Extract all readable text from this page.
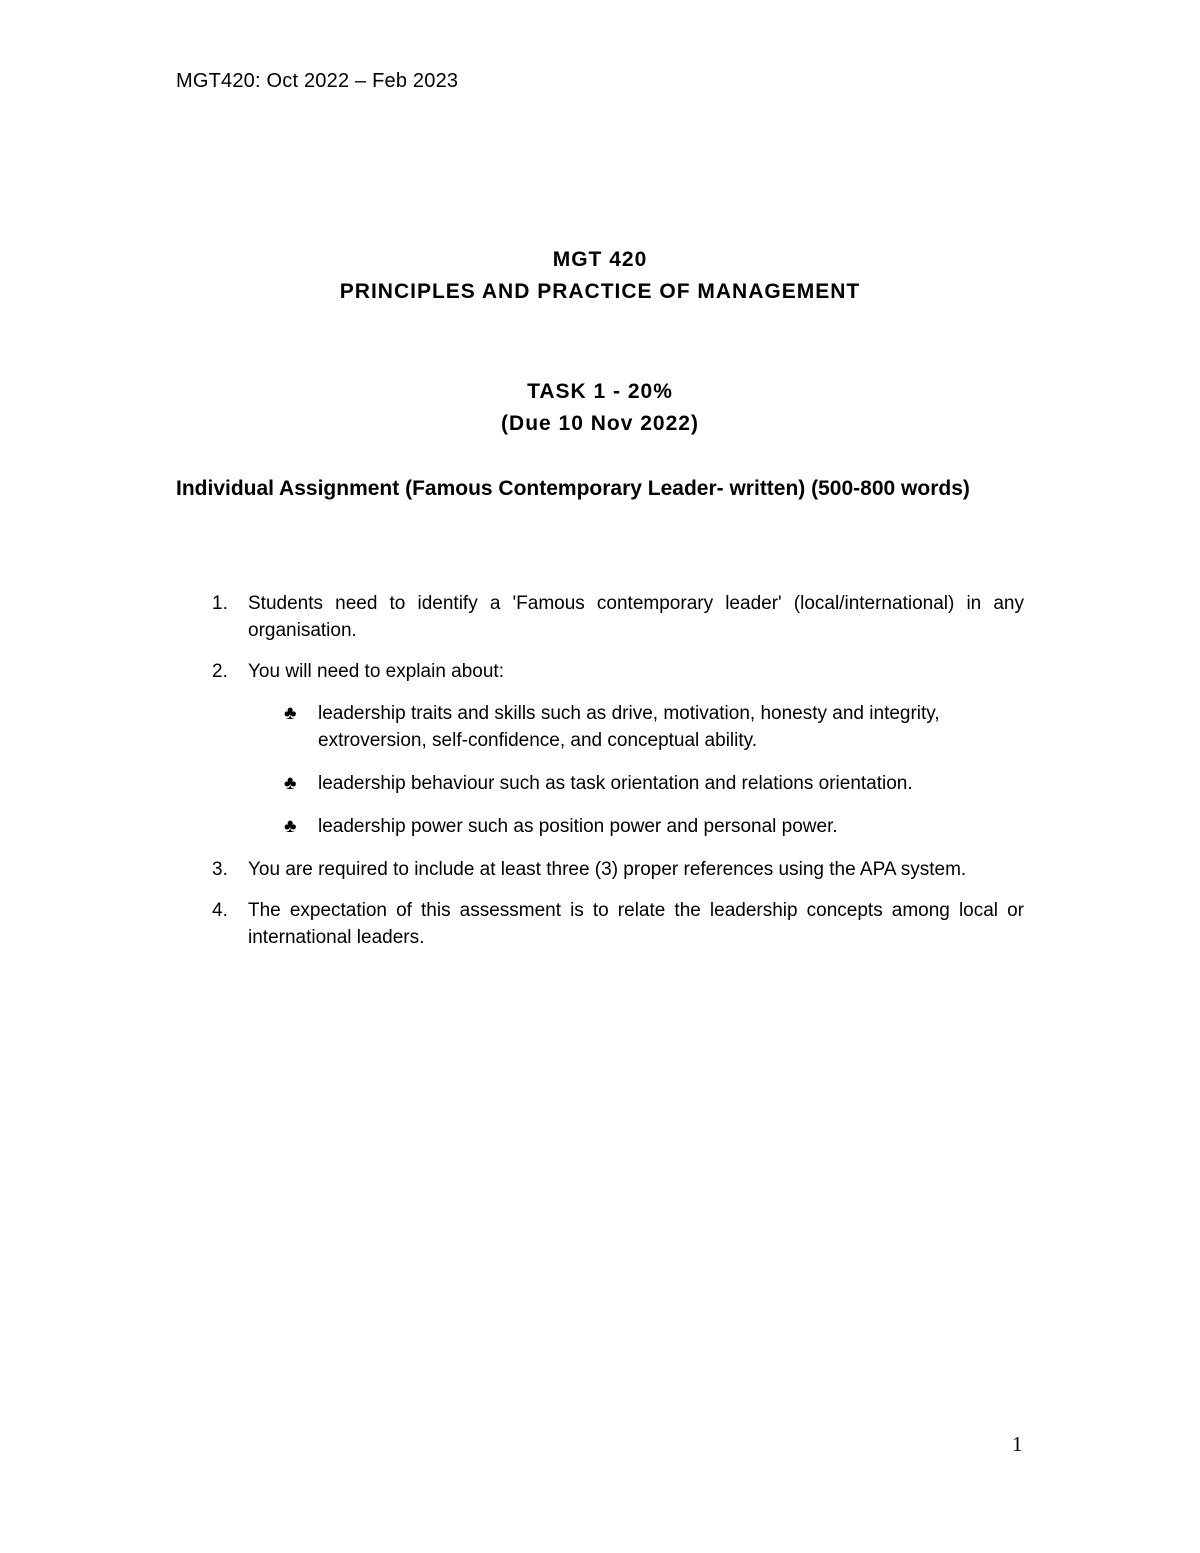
MGT420: Oct 2022 – Feb 2023
MGT 420
PRINCIPLES AND PRACTICE OF MANAGEMENT
TASK 1 - 20%
(Due 10 Nov 2022)
Individual Assignment (Famous Contemporary Leader- written) (500-800 words)
1. Students need to identify a 'Famous contemporary leader' (local/international) in any organisation.
2. You will need to explain about:
♣ leadership traits and skills such as drive, motivation, honesty and integrity, extroversion, self-confidence, and conceptual ability.
♣ leadership behaviour such as task orientation and relations orientation.
♣ leadership power such as position power and personal power.
3. You are required to include at least three (3) proper references using the APA system.
4. The expectation of this assessment is to relate the leadership concepts among local or international leaders.
1
